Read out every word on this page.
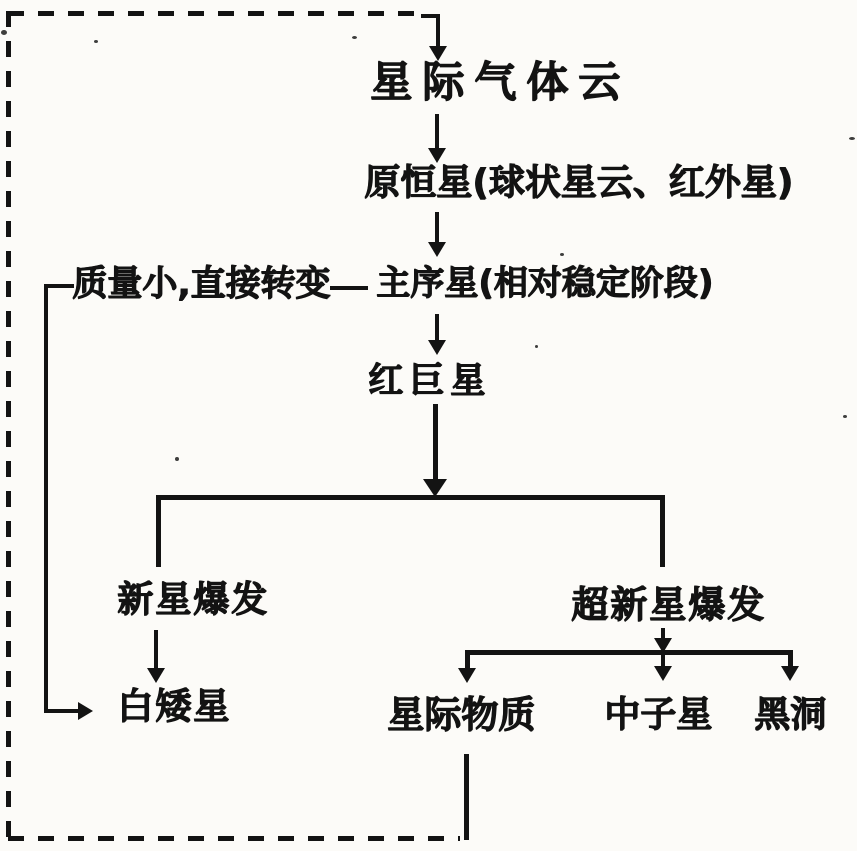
星际气体云
原恒星(球状星云、红外星)
质量小,直接转变 主序星(相对稳定阶段)
红巨星
新星爆发	超新星爆发
白矮星	星际物质 中子星 黑洞
